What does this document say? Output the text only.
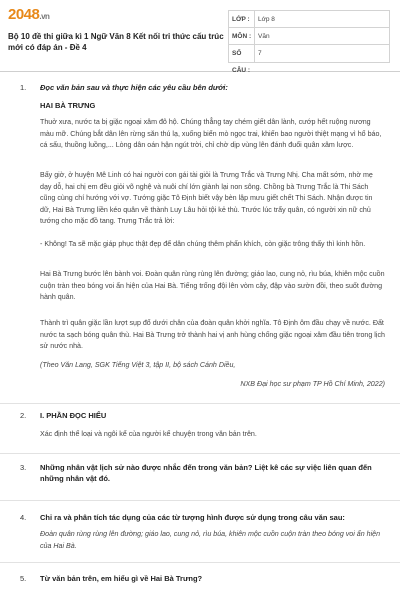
2048.vn
Bộ 10 đề thi giữa kì 1 Ngữ Văn 8 Kết nối tri thức cấu trúc mới có đáp án - Đề 4
LỚP :	Lớp 8
MÔN :	Văn
SỐ CÂU :
7
1. Đọc văn bản sau và thực hiện các yêu cầu bên dưới:
HAI BÀ TRƯNG
Thuở xưa, nước ta bị giặc ngoại xâm đô hộ. Chúng thẳng tay chém giết dân lành, cướp hết ruộng nương màu mỡ. Chúng bắt dân lên rừng săn thú lạ, xuống biển mò ngọc trai, khiến bao người thiệt mạng vì hổ báo, cá sấu, thuồng luồng,... Lòng dân oán hận ngút trời, chỉ chờ dịp vùng lên đánh đuổi quân xâm lược.
Bấy giờ, ở huyện Mê Linh có hai người con gái tài giỏi là Trưng Trắc và Trưng Nhị. Cha mất sớm, nhờ mẹ dạy dỗ, hai chị em đều giỏi võ nghệ và nuôi chí lớn giành lại non sông. Chồng bà Trưng Trắc là Thi Sách cũng cùng chí hướng với vợ. Tướng giặc Tô Định biết vậy bèn lập mưu giết chết Thi Sách. Nhận được tin dữ, Hai Bà Trưng liền kéo quân về thành Luy Lâu hỏi tội kẻ thù. Trước lúc trẩy quân, có người xin nữ chủ tướng cho mặc đồ tang. Trưng Trắc trả lời:
- Không! Ta sẽ mặc giáp phục thật đẹp để dân chúng thêm phấn khích, còn giặc trông thấy thì kinh hồn.
Hai Bà Trưng bước lên bành voi. Đoàn quân rùng rùng lên đường; giáo lao, cung nỏ, rìu búa, khiên mộc cuồn cuộn tràn theo bóng voi ẩn hiện của Hai Bà. Tiếng trống đội lên vòm cây, đập vào sườn đồi, theo suốt đường hành quân.
Thành trì quân giặc lần lượt sụp đổ dưới chân của đoàn quân khởi nghĩa. Tô Định ôm đầu chạy về nước. Đất nước ta sạch bóng quân thù. Hai Bà Trưng trở thành hai vị anh hùng chống giặc ngoại xâm đầu tiên trong lịch sử nước nhà.
(Theo Văn Lang, SGK Tiếng Việt 3, tập II, bộ sách Cánh Diều,
NXB Đại học sư phạm TP Hồ Chí Minh, 2022)
2. I. PHẦN ĐỌC HIỂU
Xác định thể loại và ngôi kể của người kể chuyện trong văn bản trên.
3. Những nhân vật lịch sử nào được nhắc đến trong văn bản? Liệt kê các sự việc liên quan đến những nhân vật đó.
4. Chỉ ra và phân tích tác dụng của các từ tượng hình được sử dụng trong câu văn sau:
Đoàn quân rùng rùng lên đường; giáo lao, cung nỏ, rìu búa, khiên mộc cuồn cuộn tràn theo bóng voi ẩn hiện của Hai Bà.
5. Từ văn bản trên, em hiểu gì về Hai Bà Trưng?
